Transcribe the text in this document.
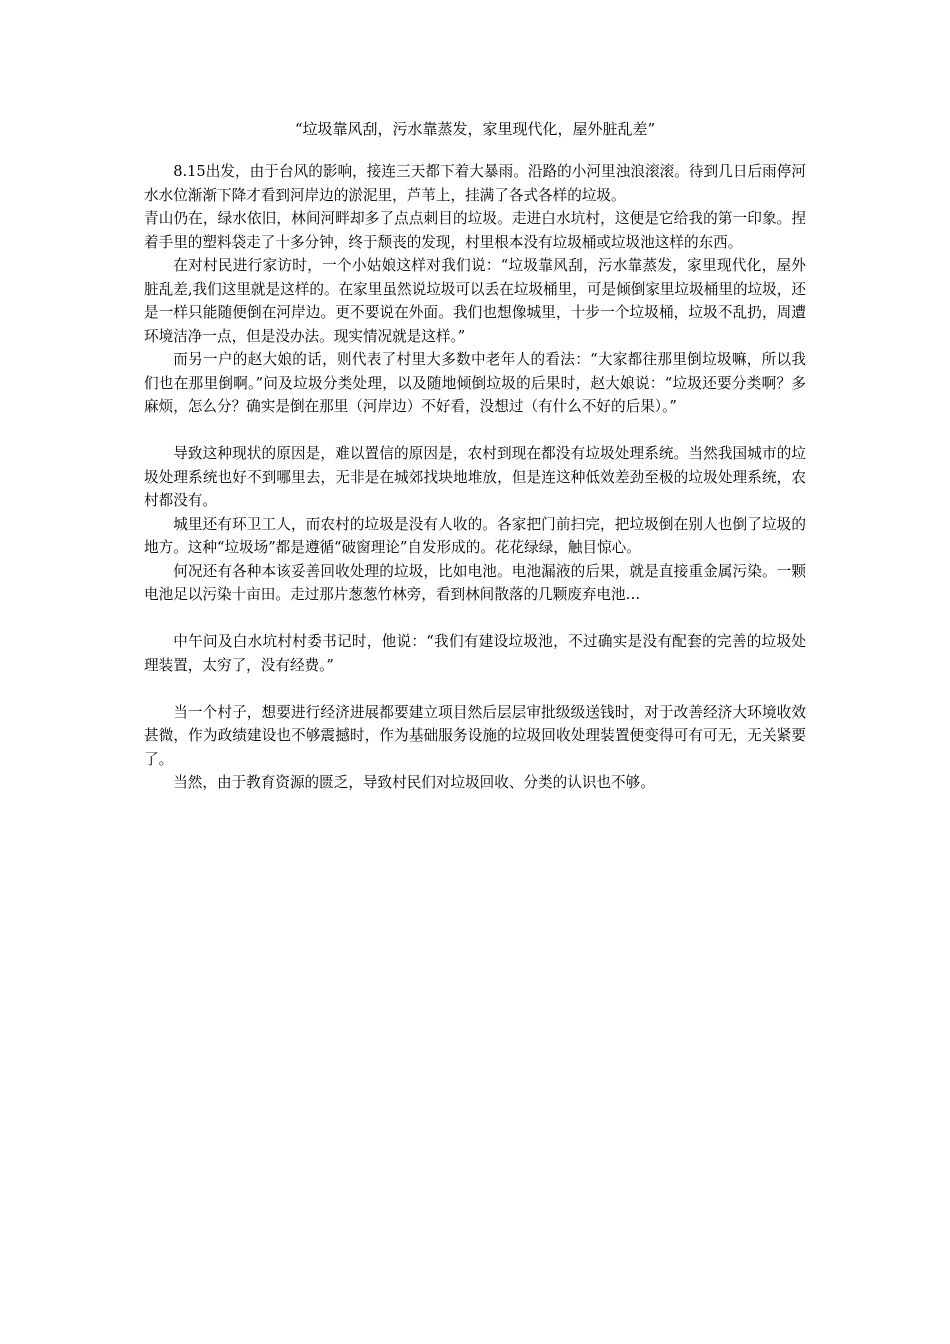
“垃圾靠风刮，污水靠蒸发，家里现代化，屋外脏乱差”

8.15出发，由于台风的影响，接连三天都下着大暴雨。沿路的小河里浊浪滚滚。待到几日后雨停河水水位渐渐下降才看到河岸边的淤泥里，芦苇上，挂满了各式各样的垃圾。

青山仍在，绿水依旧，林间河畔却多了点点刺目的垃圾。走进白水坑村，这便是它给我的第一印象。捏着手里的塑料袋走了十多分钟，终于颓丧的发现，村里根本没有垃圾桶或垃圾池这样的东西。

在对村民进行家访时，一个小姑娘这样对我们说：“垃圾靠风刮，污水靠蒸发，家里现代化，屋外脏乱差,我们这里就是这样的。在家里虽然说垃圾可以丢在垃圾桶里，可是倾倒家里垃圾桶里的垃圾，还是一样只能随便倒在河岸边。更不要说在外面。我们也想像城里，十步一个垃圾桶，垃圾不乱扔，周遭环境洁净一点，但是没办法。现实情况就是这样。”

而另一户的赵大娘的话，则代表了村里大多数中老年人的看法：“大家都往那里倒垃圾嘛，所以我们也在那里倒啊。”问及垃圾分类处理，以及随地倾倒垃圾的后果时，赵大娘说：“垃圾还要分类啊？多麻烦，怎么分？确实是倒在那里（河岸边）不好看，没想过（有什么不好的后果）。”

导致这种现状的原因是，难以置信的原因是，农村到现在都没有垃圾处理系统。当然我国城市的垃圾处理系统也好不到哪里去，无非是在城郊找块地堆放，但是连这种低效差劲至极的垃圾处理系统，农村都没有。

城里还有环卫工人，而农村的垃圾是没有人收的。各家把门前扫完，把垃圾倒在别人也倒了垃圾的地方。这种“垃圾场”都是遵循“破窗理论”自发形成的。花花绿绿，触目惊心。

何况还有各种本该妥善回收处理的垃圾，比如电池。电池漏液的后果，就是直接重金属污染。一颗电池足以污染十亩田。走过那片葱葱竹林旁，看到林间散落的几颗废弃电池…

中午问及白水坑村村委书记时，他说：“我们有建设垃圾池，不过确实是没有配套的完善的垃圾处理装置，太穷了，没有经费。”

当一个村子，想要进行经济进展都要建立项目然后层层审批级级送钱时，对于改善经济大环境收效甚微，作为政绩建设也不够震撼时，作为基础服务设施的垃圾回收处理装置便变得可有可无，无关紧要了。

当然，由于教育资源的匮乏，导致村民们对垃圾回收、分类的认识也不够。
